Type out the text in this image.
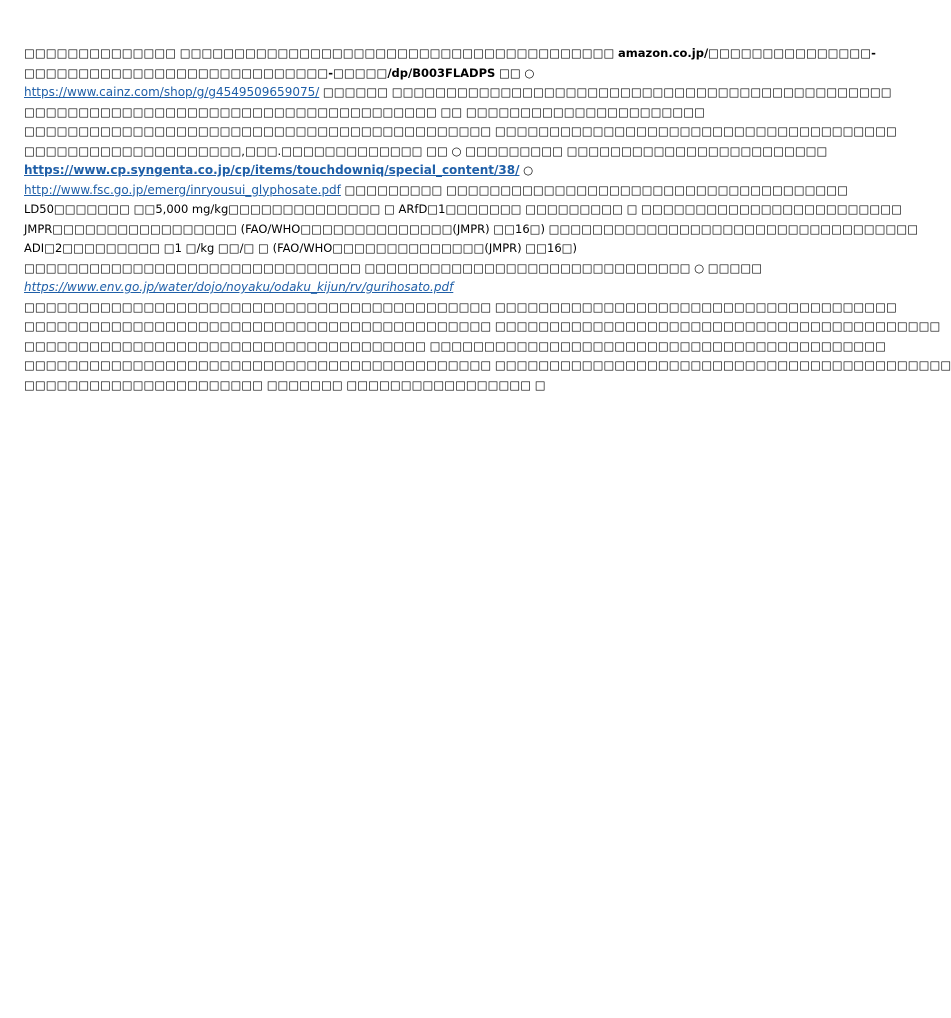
□□□□□□□□□□□□□□ □□□□□□□□□□□□□□□□□□□□□□□□□□□□□□□□□□□□□□□□ amazon.co.jp/□□□□□□□□□□□□□□□-
□□□□□□□□□□□□□□□□□□□□□□□□□□□□-□□□□□/dp/B003FLADPS □□ ○
https://www.cainz.com/shop/g/g4549509659075/ □□□□□□ □□□□□□□□□□□□□□□□□□□□□□□□□□□□□□□□□□□□□□□□□□□□□□
□□□□□□□□□□□□□□□□□□□□□□□□□□□□□□□□□□□□□□ □□ □□□□□□□□□□□□□□□□□□□□□□
□□□□□□□□□□□□□□□□□□□□□□□□□□□□□□□□□□□□□□□□□□□ □□□□□□□□□□□□□□□□□□□□□□□□□□□□□□□□□□□□□
□□□□□□□□□□□□□□□□□□□□,□□□.□□□□□□□□□□□□□ □□ ○ □□□□□□□□□ □□□□□□□□□□□□□□□□□□□□□□□□
https://www.cp.syngenta.co.jp/cp/items/touchdowniq/special_content/38/ ○
http://www.fsc.go.jp/emerg/inryousui_glyphosate.pdf □□□□□□□□□ □□□□□□□□□□□□□□□□□□□□□□□□□□□□□□□□□□□□□
LD50□□□□□□□ □□5,000 mg/kg□□□□□□□□□□□□□□ □ ARfD□1□□□□□□□ □□□□□□□□□ □ □□□□□□□□□□□□□□□□□□□□□□□□
JMPR□□□□□□□□□□□□□□□□□ (FAO/WHO□□□□□□□□□□□□□□(JMPR) □□16□) □□□□□□□□□□□□□□□□□□□□□□□□□□□□□□□□□□
ADI□2□□□□□□□□□ □1 □/kg □□/□ □ (FAO/WHO□□□□□□□□□□□□□□(JMPR) □□16□)
□□□□□□□□□□□□□□□□□□□□□□□□□□□□□□□ □□□□□□□□□□□□□□□□□□□□□□□□□□□□□□ ○ □□□□□
https://www.env.go.jp/water/dojo/noyaku/odaku_kijun/rv/gurihosato.pdf
□□□□□□□□□□□□□□□□□□□□□□□□□□□□□□□□□□□□□□□□□□□ □□□□□□□□□□□□□□□□□□□□□□□□□□□□□□□□□□□□□
□□□□□□□□□□□□□□□□□□□□□□□□□□□□□□□□□□□□□□□□□□□ □□□□□□□□□□□□□□□□□□□□□□□□□□□□□□□□□□□□□□□□□
□□□□□□□□□□□□□□□□□□□□□□□□□□□□□□□□□□□□□ □□□□□□□□□□□□□□□□□□□□□□□□□□□□□□□□□□□□□□□□□□
□□□□□□□□□□□□□□□□□□□□□□□□□□□□□□□□□□□□□□□□□□□ □□□□□□□□□□□□□□□□□□□□□□□□□□□□□□□□□□□□□□□□□□
□□□□□□□□□□□□□□□□□□□□□□ □□□□□□□ □□□□□□□□□□□□□□□□□ □
